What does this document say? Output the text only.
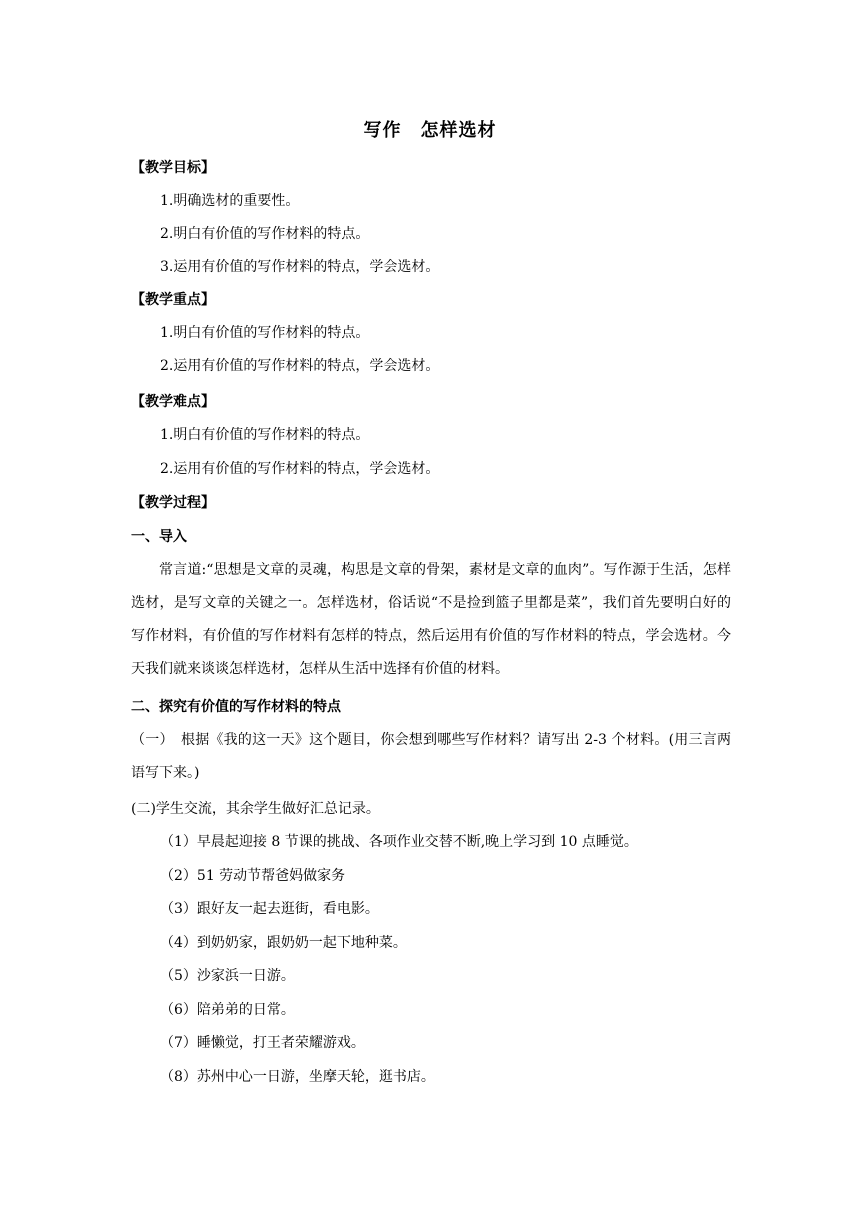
写作　怎样选材
【教学目标】
1.明确选材的重要性。
2.明白有价值的写作材料的特点。
3.运用有价值的写作材料的特点，学会选材。
【教学重点】
1.明白有价值的写作材料的特点。
2.运用有价值的写作材料的特点，学会选材。
【教学难点】
1.明白有价值的写作材料的特点。
2.运用有价值的写作材料的特点，学会选材。
【教学过程】
一、导入
常言道:“思想是文章的灵魂，构思是文章的骨架，素材是文章的血肉”。写作源于生活，怎样选材，是写文章的关键之一。怎样选材，俗话说“不是捡到篮子里都是菜”，我们首先要明白好的写作材料，有价值的写作材料有怎样的特点，然后运用有价值的写作材料的特点，学会选材。今天我们就来谈谈怎样选材，怎样从生活中选择有价值的材料。
二、探究有价值的写作材料的特点
（一）　根据《我的这一天》这个题目，你会想到哪些写作材料？请写出 2-3 个材料。(用三言两语写下来。)
(二)学生交流，其余学生做好汇总记录。
（1）早晨起迎接 8 节课的挑战、各项作业交替不断,晚上学习到 10 点睡觉。
（2）51 劳动节帮爸妈做家务
（3）跟好友一起去逛街，看电影。
（4）到奶奶家，跟奶奶一起下地种菜。
（5）沙家浜一日游。
（6）陪弟弟的日常。
（7）睡懒觉，打王者荣耀游戏。
（8）苏州中心一日游，坐摩天轮，逛书店。
